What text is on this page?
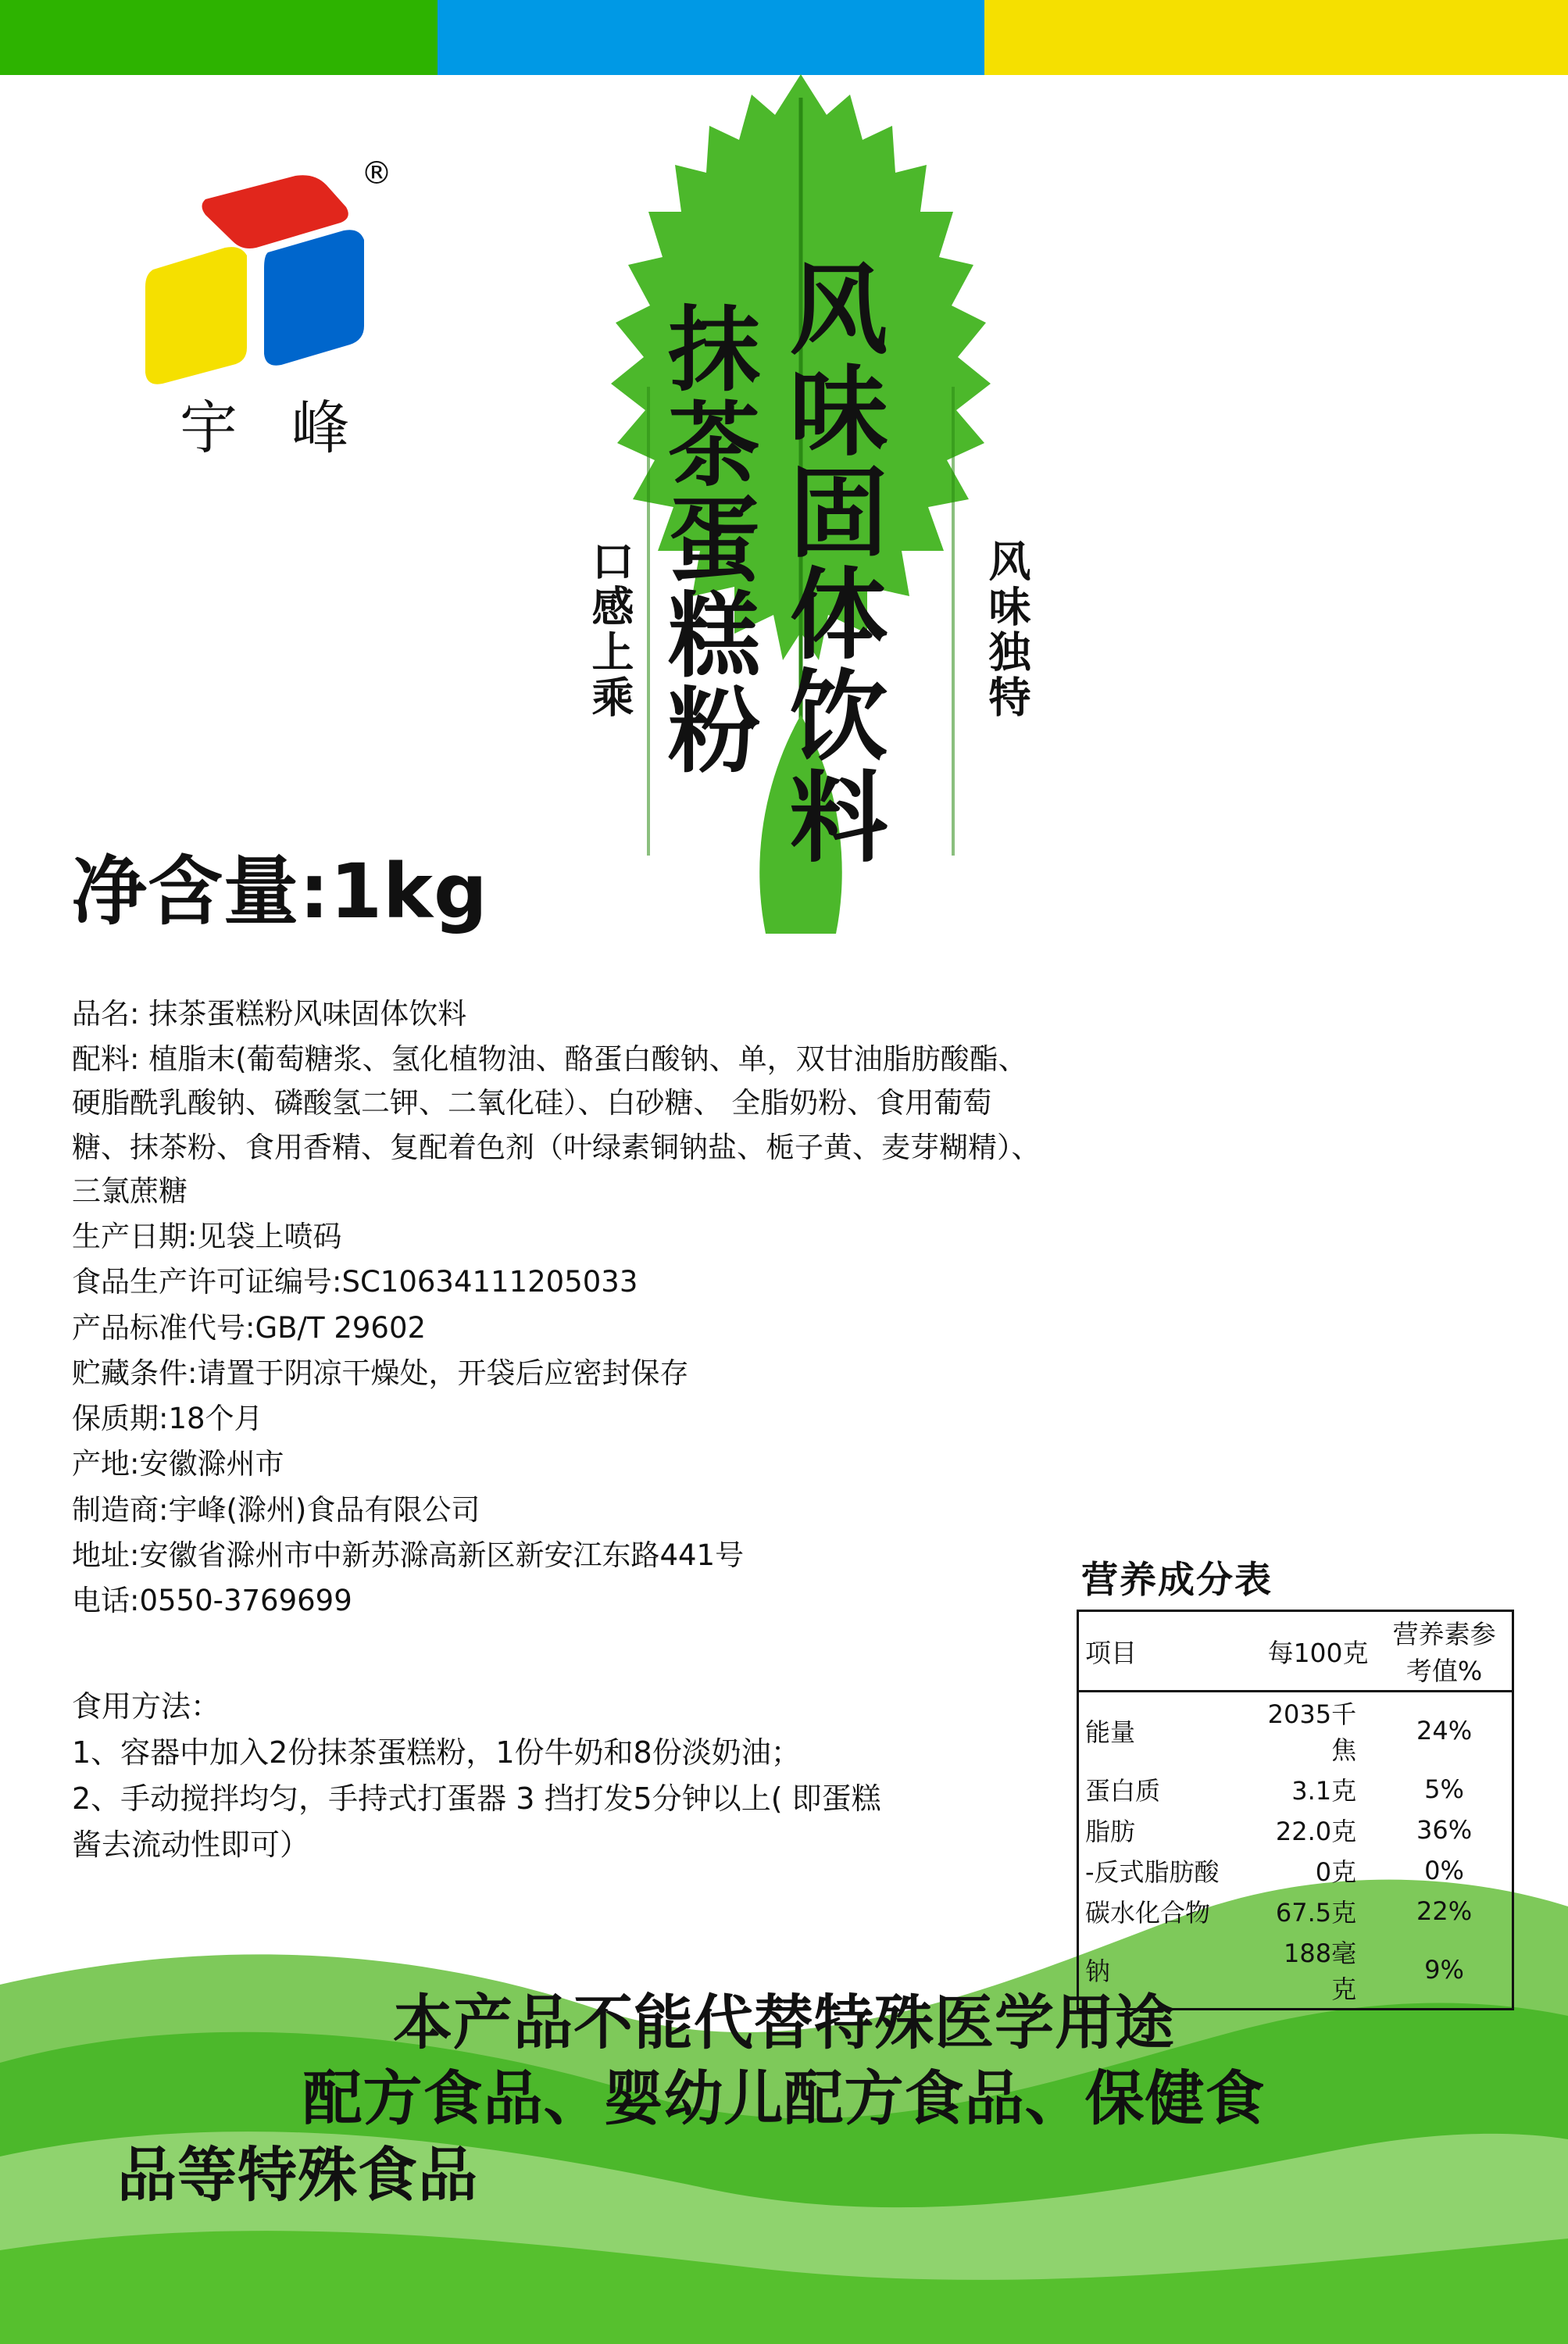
宇 峰
®
风味固体饮料
抹茶蛋糕粉
口感上乘	风味独特
净含量:1kg

品名: 抹茶蛋糕粉风味固体饮料

配料: 植脂末(葡萄糖浆、氢化植物油、酪蛋白酸钠、单，双甘油脂肪酸酯、硬脂酰乳酸钠、磷酸氢二钾、二氧化硅）、白砂糖、 全脂奶粉、食用葡萄糖、抹茶粉、食用香精、复配着色剂（叶绿素铜钠盐、栀子黄、麦芽糊精）、三氯蔗糖

生产日期:见袋上喷码

食品生产许可证编号:SC10634111205033

产品标准代号:GB/T 29602

贮藏条件:请置于阴凉干燥处，开袋后应密封保存

保质期:18个月

产地:安徽滁州市

制造商:宇峰(滁州)食品有限公司

地址:安徽省滁州市中新苏滁高新区新安江东路441号

电话:0550-3769699

食用方法：

1、容器中加入2份抹茶蛋糕粉，1份牛奶和8份淡奶油；

2、手动搅拌均匀，手持式打蛋器 3 挡打发5分钟以上( 即蛋糕酱去流动性即可）

营养成分表
项目	每100克	营养素参考值%
能量	2035千焦	24%
蛋白质	3.1克	5%
脂肪	22.0克	36%
-反式脂肪酸	0克	0%
碳水化合物	67.5克	22%
钠	188毫克	9%
本产品不能代替特殊医学用途
配方食品、婴幼儿配方食品、保健食
品等特殊食品
